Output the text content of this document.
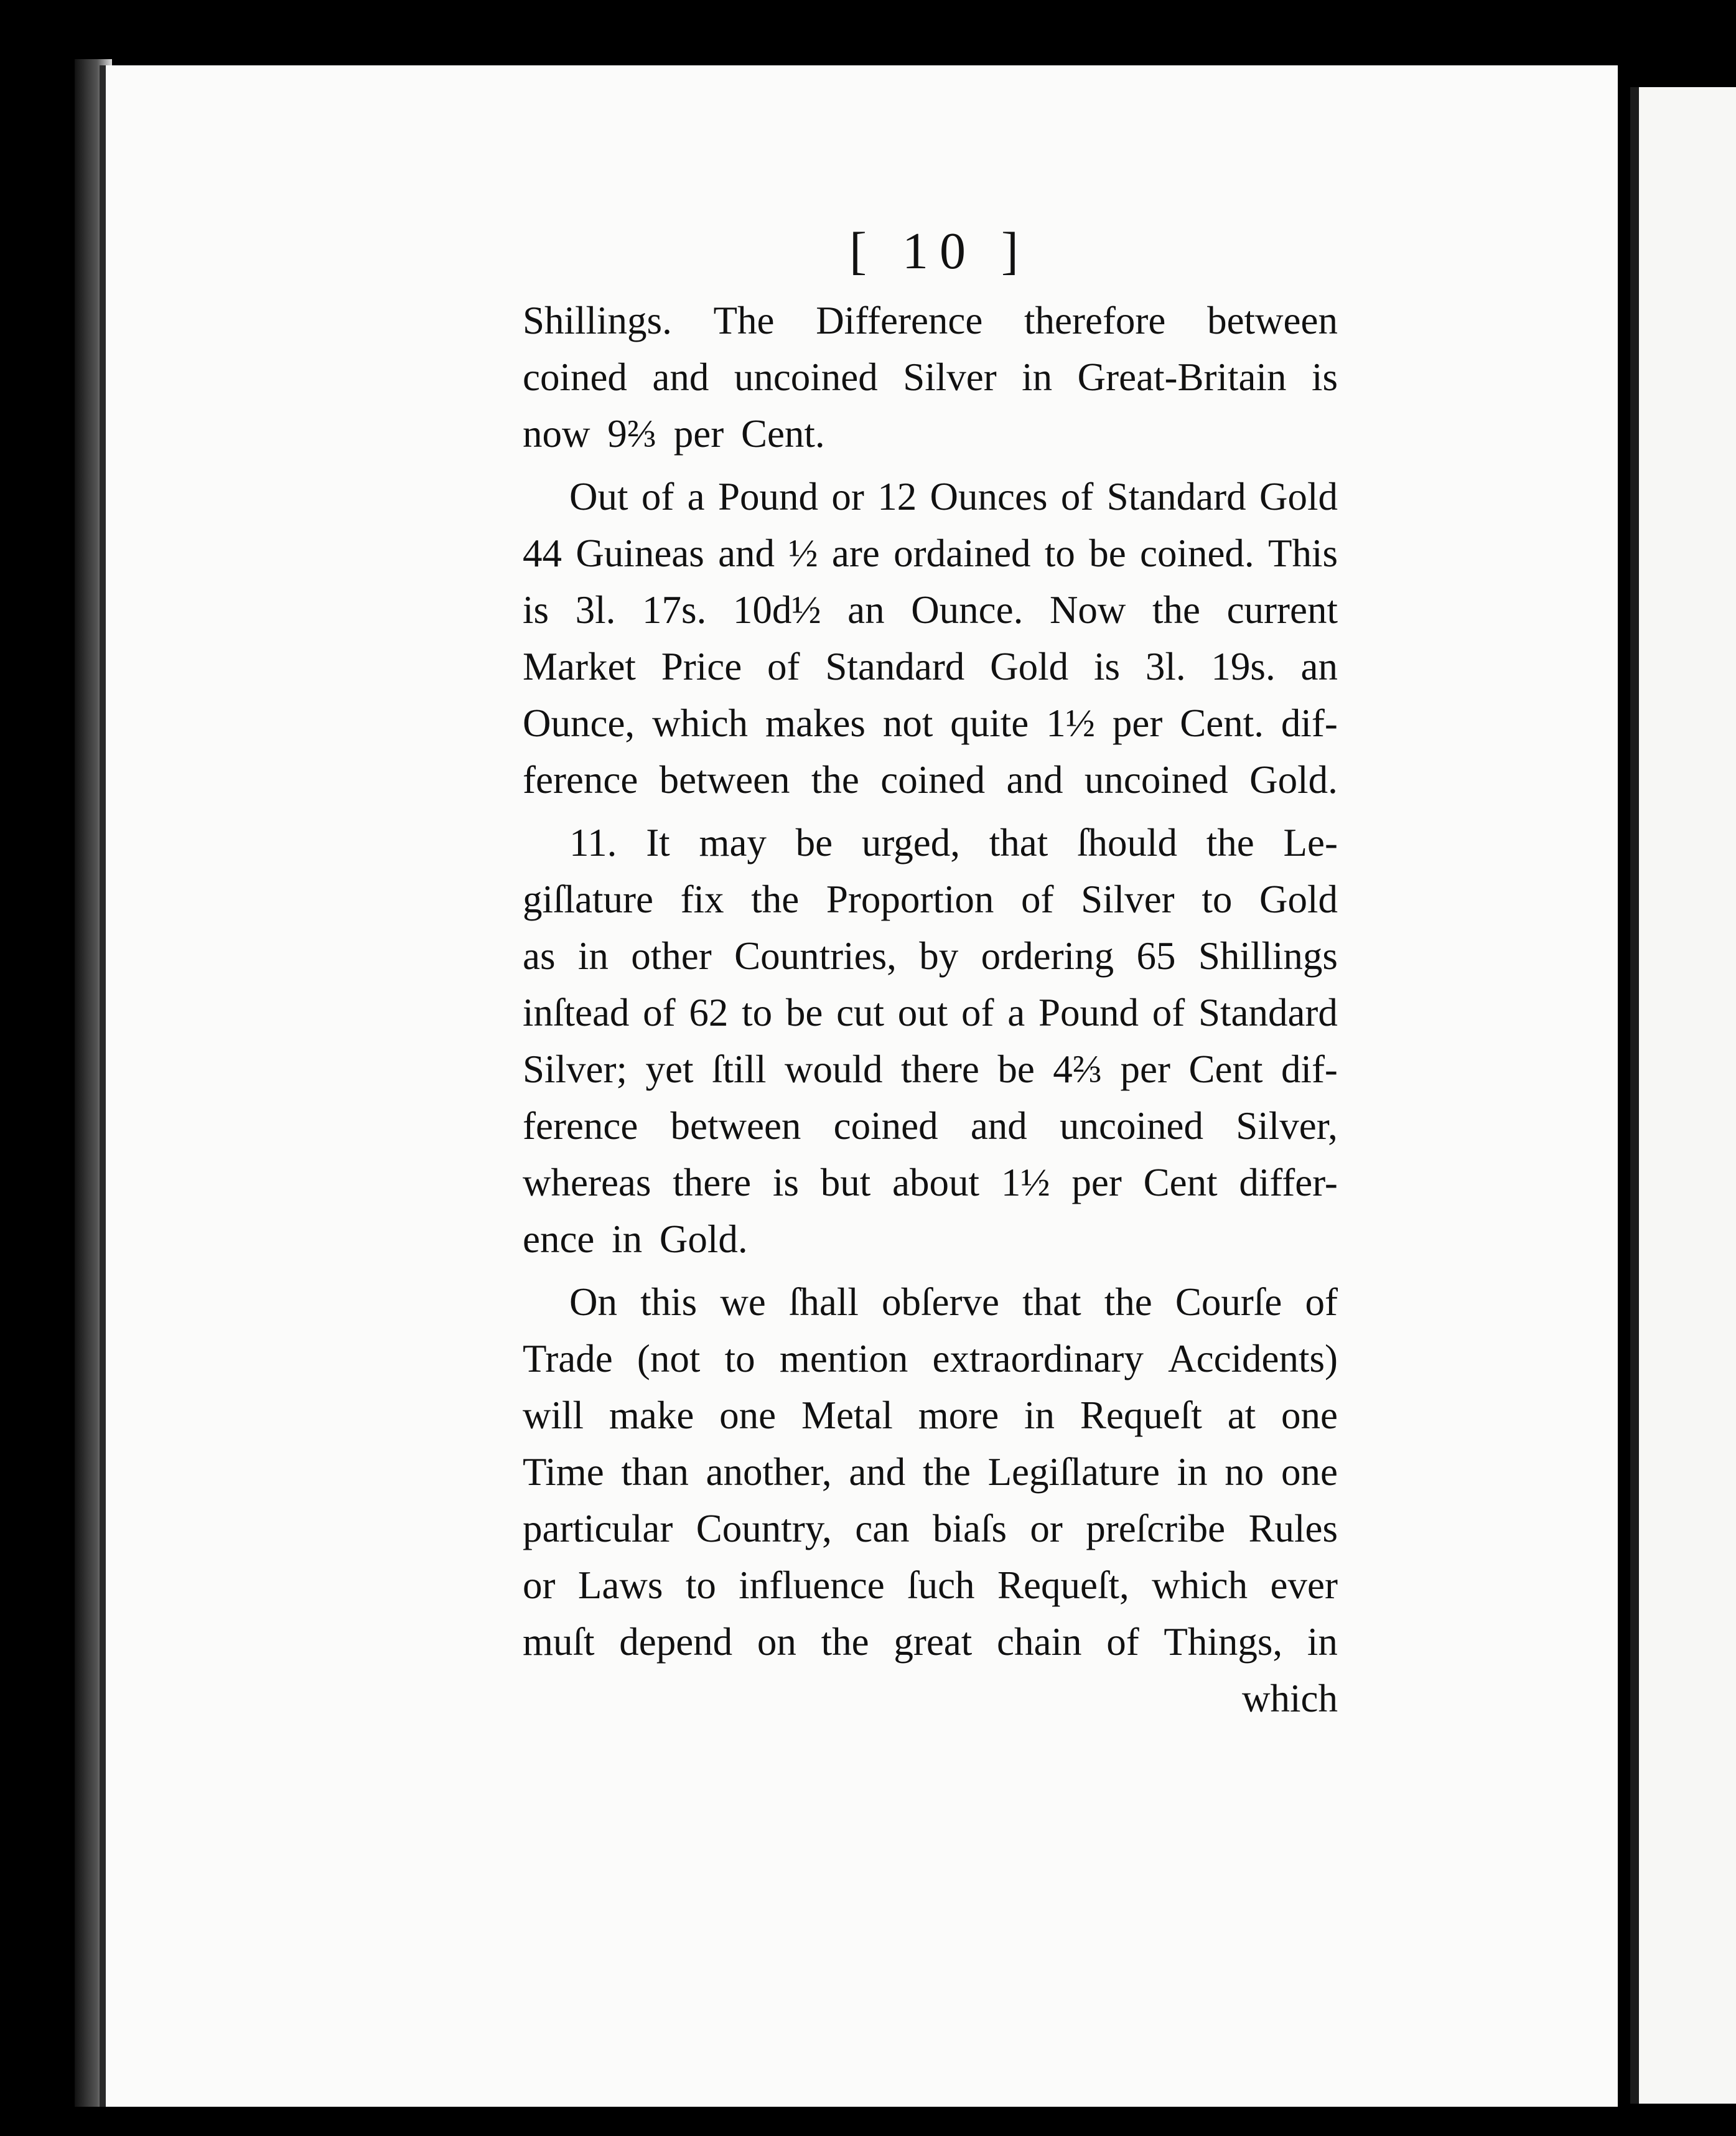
[ 10 ]
Shillings. The Difference therefore between
coined and uncoined Silver in Great-Britain is
now 9⅔ per Cent.
Out of a Pound or 12 Ounces of Standard Gold
44 Guineas and ½ are ordained to be coined. This
is 3l. 17s. 10d½ an Ounce. Now the current
Market Price of Standard Gold is 3l. 19s. an
Ounce, which makes not quite 1½ per Cent. dif-
ference between the coined and uncoined Gold.
11. It may be urged, that ſhould the Le-
giſlature fix the Proportion of Silver to Gold
as in other Countries, by ordering 65 Shillings
inſtead of 62 to be cut out of a Pound of Standard
Silver; yet ſtill would there be 4⅔ per Cent dif-
ference between coined and uncoined Silver,
whereas there is but about 1½ per Cent differ-
ence in Gold.
On this we ſhall obſerve that the Courſe of
Trade (not to mention extraordinary Accidents)
will make one Metal more in Requeſt at one
Time than another, and the Legiſlature in no one
particular Country, can biaſs or preſcribe Rules
or Laws to influence ſuch Requeſt, which ever
muſt depend on the great chain of Things, in
which
